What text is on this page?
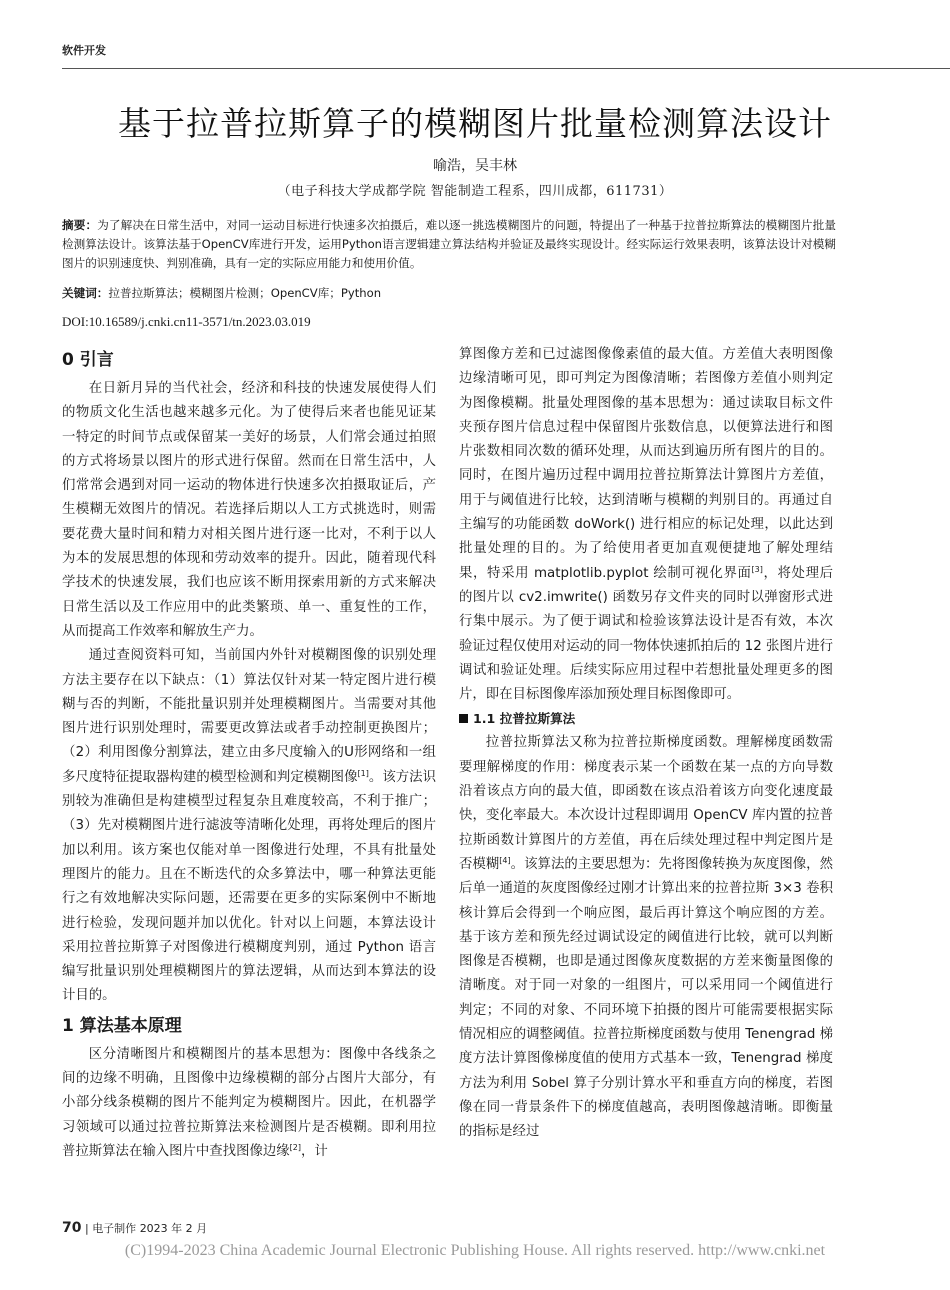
软件开发
基于拉普拉斯算子的模糊图片批量检测算法设计
喻浩，吴丰林
（电子科技大学成都学院 智能制造工程系，四川成都，611731）
摘要：为了解决在日常生活中，对同一运动目标进行快速多次拍摄后，难以逐一挑选模糊图片的问题，特提出了一种基于拉普拉斯算法的模糊图片批量检测算法设计。该算法基于OpenCV库进行开发，运用Python语言逻辑建立算法结构并验证及最终实现设计。经实际运行效果表明，该算法设计对模糊图片的识别速度快、判别准确，具有一定的实际应用能力和使用价值。
关键词：拉普拉斯算法；模糊图片检测；OpenCV库；Python
DOI:10.16589/j.cnki.cn11-3571/tn.2023.03.019
0 引言

在日新月异的当代社会，经济和科技的快速发展使得人们的物质文化生活也越来越多元化。为了使得后来者也能见证某一特定的时间节点或保留某一美好的场景，人们常会通过拍照的方式将场景以图片的形式进行保留。然而在日常生活中，人们常常会遇到对同一运动的物体进行快速多次拍摄取证后，产生模糊无效图片的情况。若选择后期以人工方式挑选时，则需要花费大量时间和精力对相关图片进行逐一比对，不利于以人为本的发展思想的体现和劳动效率的提升。因此，随着现代科学技术的快速发展，我们也应该不断用探索用新的方式来解决日常生活以及工作应用中的此类繁琐、单一、重复性的工作，从而提高工作效率和解放生产力。

通过查阅资料可知，当前国内外针对模糊图像的识别处理方法主要存在以下缺点：（1）算法仅针对某一特定图片进行模糊与否的判断，不能批量识别并处理模糊图片。当需要对其他图片进行识别处理时，需要更改算法或者手动控制更换图片；（2）利用图像分割算法，建立由多尺度输入的U形网络和一组多尺度特征提取器构建的模型检测和判定模糊图像[1]。该方法识别较为准确但是构建模型过程复杂且难度较高，不利于推广；（3）先对模糊图片进行滤波等清晰化处理，再将处理后的图片加以利用。该方案也仅能对单一图像进行处理，不具有批量处理图片的能力。且在不断迭代的众多算法中，哪一种算法更能行之有效地解决实际问题，还需要在更多的实际案例中不断地进行检验，发现问题并加以优化。针对以上问题，本算法设计采用拉普拉斯算子对图像进行模糊度判别，通过 Python 语言编写批量识别处理模糊图片的算法逻辑，从而达到本算法的设计目的。

1 算法基本原理

区分清晰图片和模糊图片的基本思想为：图像中各线条之间的边缘不明确，且图像中边缘模糊的部分占图片大部分，有小部分线条模糊的图片不能判定为模糊图片。因此，在机器学习领域可以通过拉普拉斯算法来检测图片是否模糊。即利用拉普拉斯算法在输入图片中查找图像边缘[2]，计

算图像方差和已过滤图像像素值的最大值。方差值大表明图像边缘清晰可见，即可判定为图像清晰；若图像方差值小则判定为图像模糊。批量处理图像的基本思想为：通过读取目标文件夹预存图片信息过程中保留图片张数信息，以便算法进行和图片张数相同次数的循环处理，从而达到遍历所有图片的目的。同时，在图片遍历过程中调用拉普拉斯算法计算图片方差值，用于与阈值进行比较，达到清晰与模糊的判别目的。再通过自主编写的功能函数 doWork() 进行相应的标记处理，以此达到批量处理的目的。为了给使用者更加直观便捷地了解处理结果，特采用 matplotlib.pyplot 绘制可视化界面[3]，将处理后的图片以 cv2.imwrite() 函数另存文件夹的同时以弹窗形式进行集中展示。为了便于调试和检验该算法设计是否有效，本次验证过程仅使用对运动的同一物体快速抓拍后的 12 张图片进行调试和验证处理。后续实际应用过程中若想批量处理更多的图片，即在目标图像库添加预处理目标图像即可。

1.1 拉普拉斯算法

拉普拉斯算法又称为拉普拉斯梯度函数。理解梯度函数需要理解梯度的作用：梯度表示某一个函数在某一点的方向导数沿着该点方向的最大值，即函数在该点沿着该方向变化速度最快，变化率最大。本次设计过程即调用 OpenCV 库内置的拉普拉斯函数计算图片的方差值，再在后续处理过程中判定图片是否模糊[4]。该算法的主要思想为：先将图像转换为灰度图像，然后单一通道的灰度图像经过刚才计算出来的拉普拉斯 3×3 卷积核计算后会得到一个响应图，最后再计算这个响应图的方差。基于该方差和预先经过调试设定的阈值进行比较，就可以判断图像是否模糊，也即是通过图像灰度数据的方差来衡量图像的清晰度。对于同一对象的一组图片，可以采用同一个阈值进行判定；不同的对象、不同环境下拍摄的图片可能需要根据实际情况相应的调整阈值。拉普拉斯梯度函数与使用 Tenengrad 梯度方法计算图像梯度值的使用方式基本一致，Tenengrad 梯度方法为利用 Sobel 算子分别计算水平和垂直方向的梯度，若图像在同一背景条件下的梯度值越高，表明图像越清晰。即衡量的指标是经过

70 | 电子制作 2023 年 2 月
(C)1994-2023 China Academic Journal Electronic Publishing House. All rights reserved. http://www.cnki.net
